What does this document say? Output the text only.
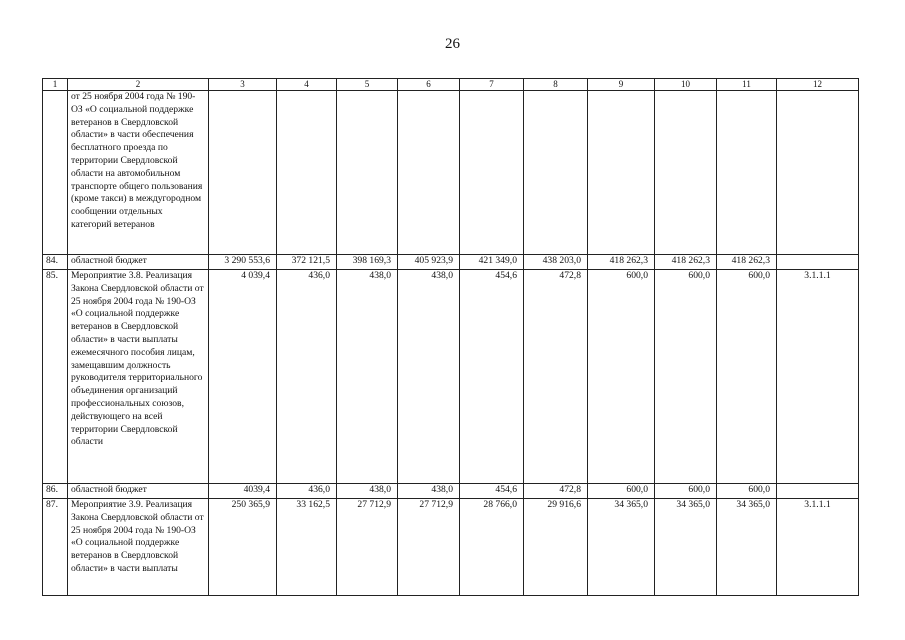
26
1	2	3	4	5	6	7	8	9	10	11	12
	от 25 ноября 2004 года № 190-ОЗ «О социальной поддержке ветеранов в Свердловской области» в части обеспечения бесплатного проезда по территории Свердловской области на автомобильном транспорте общего пользования (кроме такси) в междугородном сообщении отдельных категорий ветеранов										
84.	областной бюджет	3 290 553,6	372 121,5	398 169,3	405 923,9	421 349,0	438 203,0	418 262,3	418 262,3	418 262,3	
85.	Мероприятие 3.8. Реализация Закона Свердловской области от 25 ноября 2004 года № 190-ОЗ «О социальной поддержке ветеранов в Свердловской области» в части выплаты ежемесячного пособия лицам, замещавшим должность руководителя территориального объединения организаций профессиональных союзов, действующего на всей территории Свердловской области	4 039,4	436,0	438,0	438,0	454,6	472,8	600,0	600,0	600,0	3.1.1.1
86.	областной бюджет	4039,4	436,0	438,0	438,0	454,6	472,8	600,0	600,0	600,0	
87.	Мероприятие 3.9. Реализация Закона Свердловской области от 25 ноября 2004 года № 190-ОЗ «О социальной поддержке ветеранов в Свердловской области» в части выплаты	250 365,9	33 162,5	27 712,9	27 712,9	28 766,0	29 916,6	34 365,0	34 365,0	34 365,0	3.1.1.1
